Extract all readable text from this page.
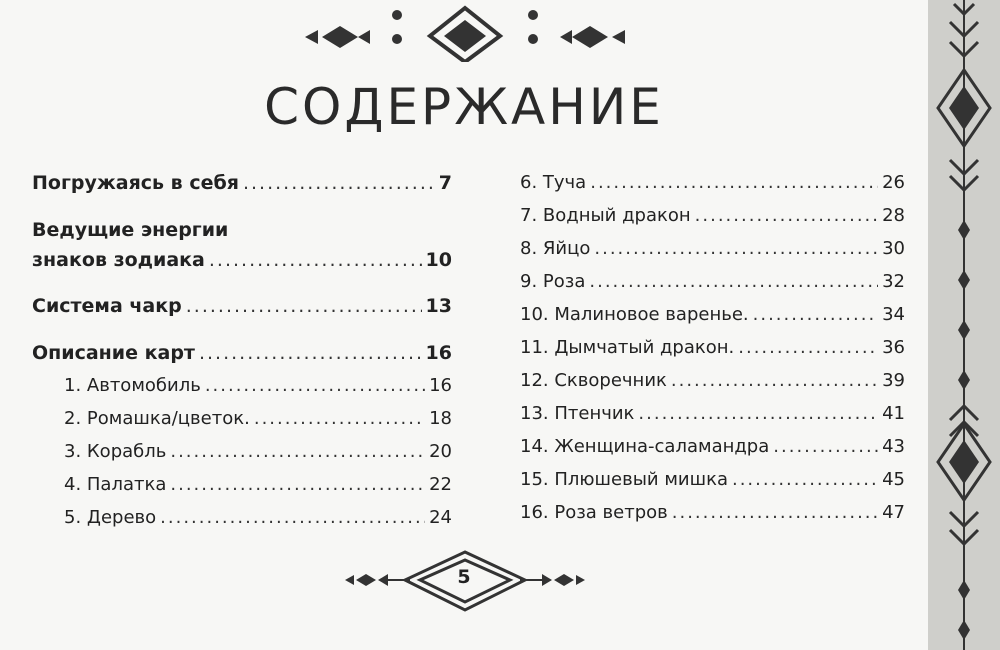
СОДЕРЖАНИЕ
Погружаясь в себя .....	7
Ведущие энергии
знаков зодиака .....	10
Система чакр .....	13
Описание карт .....	16
1. Автомобиль .....	16
2. Ромашка/цветок. .....	18
3. Корабль .....	20
4. Палатка .....	22
5. Дерево .....	24
6. Туча .....	26
7. Водный дракон .....	28
8. Яйцо .....	30
9. Роза .....	32
10. Малиновое варенье. .....	34
11. Дымчатый дракон. .....	36
12. Скворечник .....	39
13. Птенчик .....	41
14. Женщина-саламандра .....	43
15. Плюшевый мишка .....	45
16. Роза ветров .....	47
5
